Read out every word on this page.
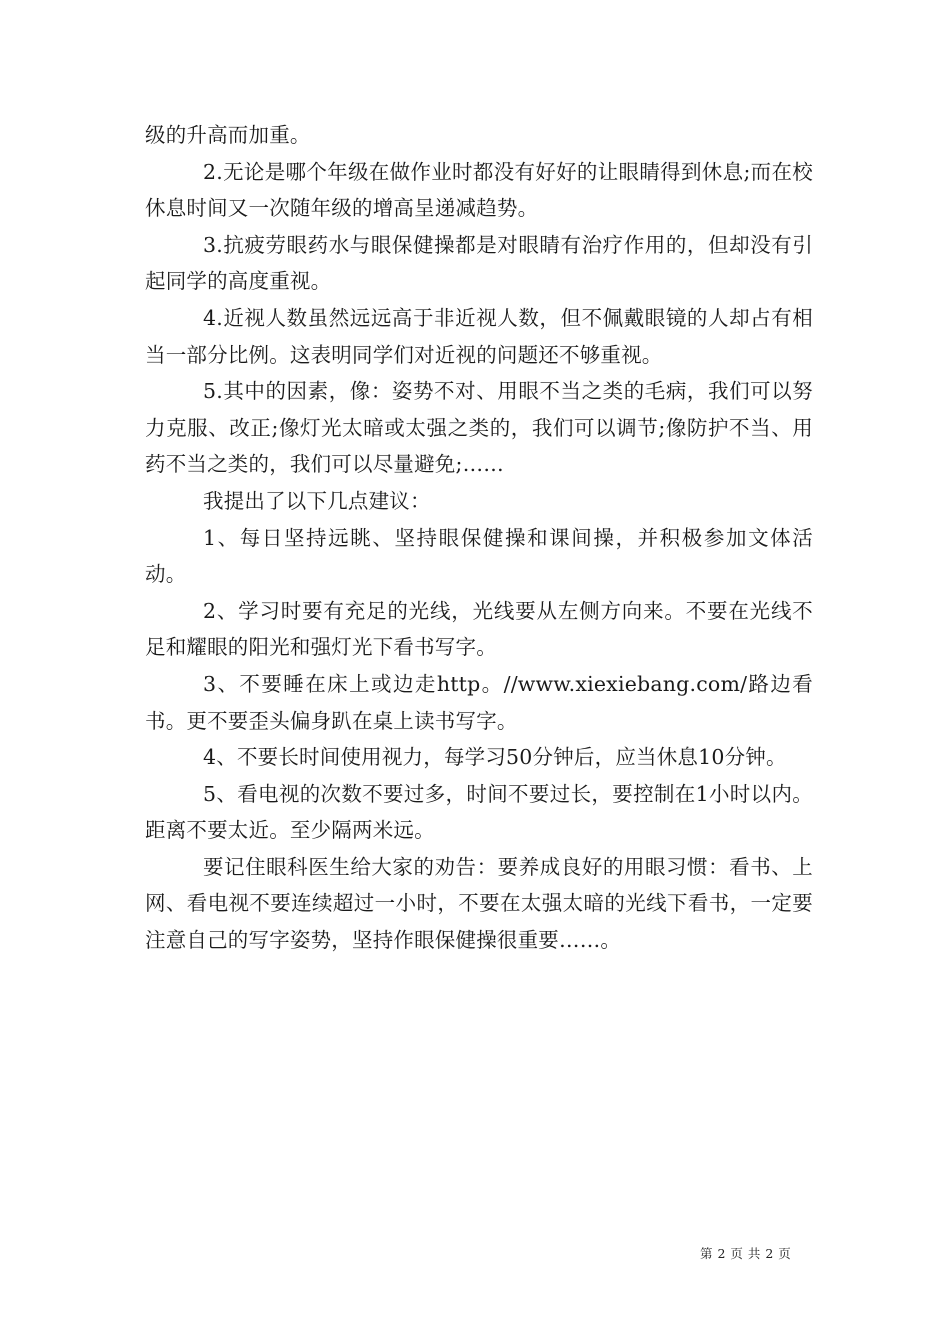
级的升高而加重。

2.无论是哪个年级在做作业时都没有好好的让眼睛得到休息;而在校休息时间又一次随年级的增高呈递减趋势。

3.抗疲劳眼药水与眼保健操都是对眼睛有治疗作用的，但却没有引起同学的高度重视。

4.近视人数虽然远远高于非近视人数，但不佩戴眼镜的人却占有相当一部分比例。这表明同学们对近视的问题还不够重视。

5.其中的因素，像：姿势不对、用眼不当之类的毛病，我们可以努力克服、改正;像灯光太暗或太强之类的，我们可以调节;像防护不当、用药不当之类的，我们可以尽量避免;……

我提出了以下几点建议：

1、每日坚持远眺、坚持眼保健操和课间操，并积极参加文体活动。

2、学习时要有充足的光线，光线要从左侧方向来。不要在光线不足和耀眼的阳光和强灯光下看书写字。

3、不要睡在床上或边走http。//www.xiexiebang.com/路边看书。更不要歪头偏身趴在桌上读书写字。

4、不要长时间使用视力，每学习50分钟后，应当休息10分钟。

5、看电视的次数不要过多，时间不要过长，要控制在1小时以内。距离不要太近。至少隔两米远。

要记住眼科医生给大家的劝告：要养成良好的用眼习惯：看书、上网、看电视不要连续超过一小时，不要在太强太暗的光线下看书，一定要注意自己的写字姿势，坚持作眼保健操很重要……。

第 2 页 共 2 页
